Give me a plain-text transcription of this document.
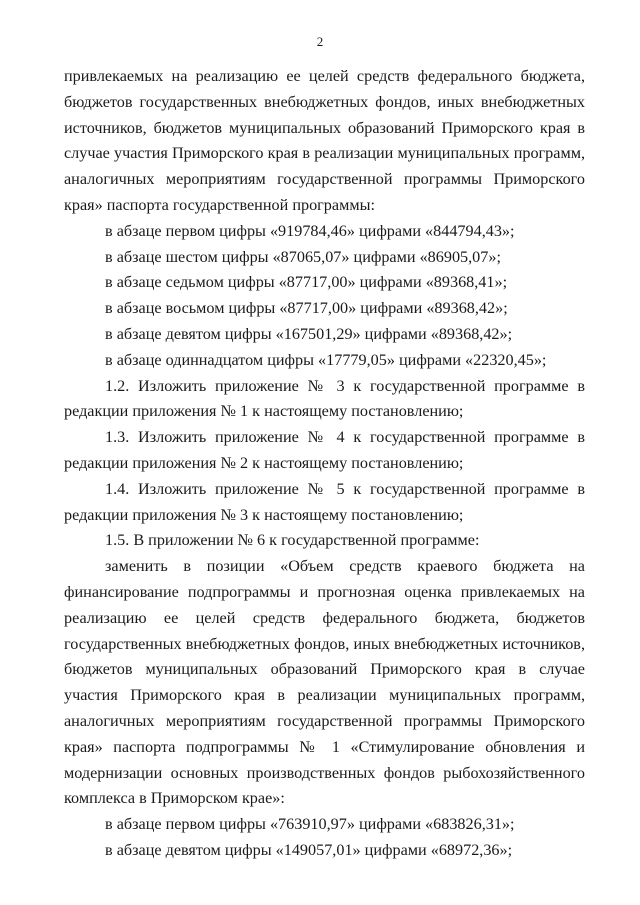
2

привлекаемых на реализацию ее целей средств федерального бюджета, бюджетов государственных внебюджетных фондов, иных внебюджетных источников, бюджетов муниципальных образований Приморского края в случае участия Приморского края в реализации муниципальных программ, аналогичных мероприятиям государственной программы Приморского края» паспорта государственной программы:

в абзаце первом цифры «919784,46» цифрами «844794,43»;

в абзаце шестом цифры «87065,07» цифрами «86905,07»;

в абзаце седьмом цифры «87717,00» цифрами «89368,41»;

в абзаце восьмом цифры «87717,00» цифрами «89368,42»;

в абзаце девятом цифры «167501,29» цифрами «89368,42»;

в абзаце одиннадцатом цифры «17779,05» цифрами «22320,45»;

1.2. Изложить приложение № 3 к государственной программе в редакции приложения № 1 к настоящему постановлению;

1.3. Изложить приложение № 4 к государственной программе в редакции приложения № 2 к настоящему постановлению;

1.4. Изложить приложение № 5 к государственной программе в редакции приложения № 3 к настоящему постановлению;

1.5. В приложении № 6 к государственной программе:

заменить в позиции «Объем средств краевого бюджета на финансирование подпрограммы и прогнозная оценка привлекаемых на реализацию ее целей средств федерального бюджета, бюджетов государственных внебюджетных фондов, иных внебюджетных источников, бюджетов муниципальных образований Приморского края в случае участия Приморского края в реализации муниципальных программ, аналогичных мероприятиям государственной программы Приморского края» паспорта подпрограммы № 1 «Стимулирование обновления и модернизации основных производственных фондов рыбохозяйственного комплекса в Приморском крае»:

в абзаце первом цифры «763910,97» цифрами «683826,31»;

в абзаце девятом цифры «149057,01» цифрами «68972,36»;
